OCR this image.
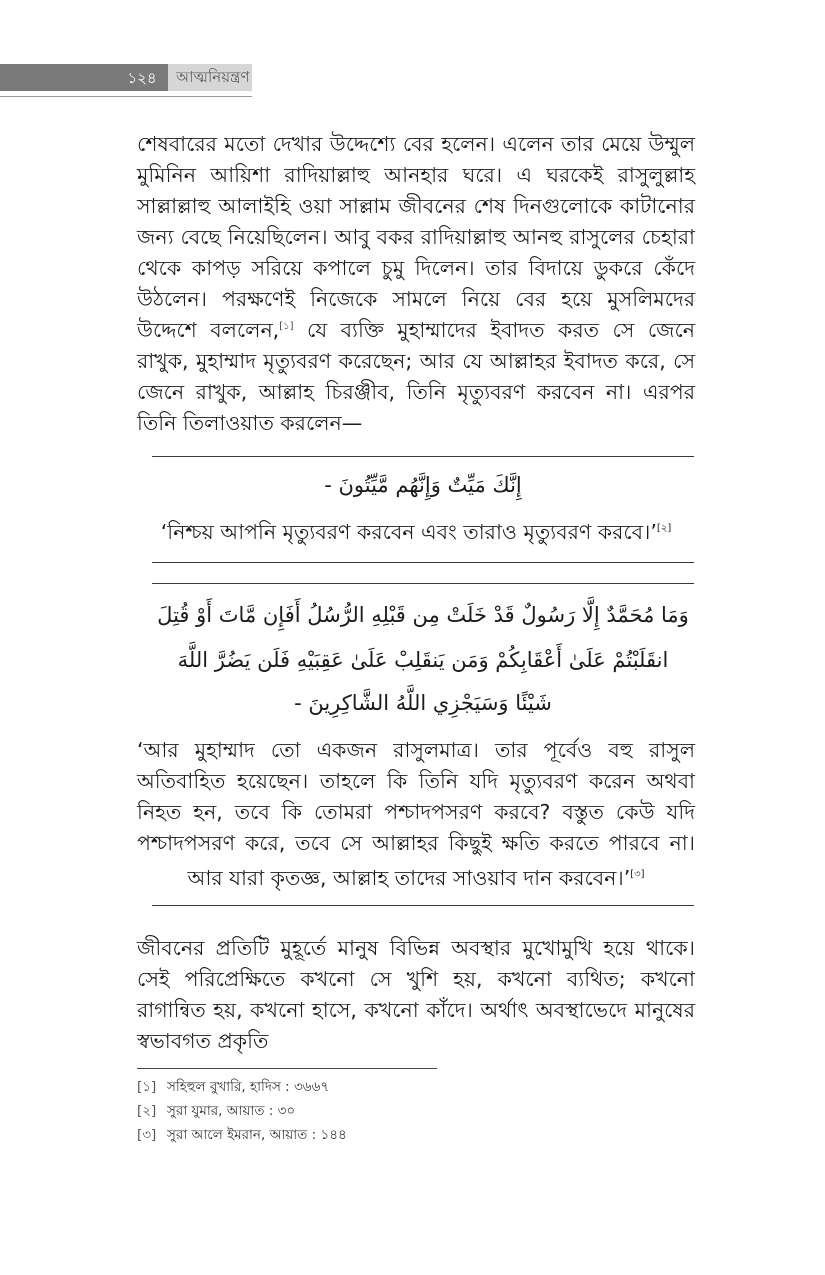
১২৪	আত্মনিয়ন্ত্রণ

শেষবারের মতো দেখার উদ্দেশ্যে বের হলেন। এলেন তার মেয়ে উম্মুল মুমিনিন আয়িশা রাদিয়াল্লাহু আনহার ঘরে। এ ঘরকেই রাসুলুল্লাহ সাল্লাল্লাহু আলাইহি ওয়া সাল্লাম জীবনের শেষ দিনগুলোকে কাটানোর জন্য বেছে নিয়েছিলেন। আবু বকর রাদিয়াল্লাহু আনহু রাসুলের চেহারা থেকে কাপড় সরিয়ে কপালে চুমু দিলেন। তার বিদায়ে ডুকরে কেঁদে উঠলেন। পরক্ষণেই নিজেকে সামলে নিয়ে বের হয়ে মুসলিমদের উদ্দেশে বললেন,[১] যে ব্যক্তি মুহাম্মাদের ইবাদত করত সে জেনে রাখুক, মুহাম্মাদ মৃত্যুবরণ করেছেন; আর যে আল্লাহর ইবাদত করে, সে জেনে রাখুক, আল্লাহ চিরঞ্জীব, তিনি মৃত্যুবরণ করবেন না। এরপর তিনি তিলাওয়াত করলেন—

إِنَّكَ مَيِّتٌ وَإِنَّهُم مَّيِّتُونَ -

‘নিশ্চয় আপনি মৃত্যুবরণ করবেন এবং তারাও মৃত্যুবরণ করবে।’[২]

وَمَا مُحَمَّدٌ إِلَّا رَسُولٌ قَدْ خَلَتْ مِن قَبْلِهِ الرُّسُلُ أَفَإِن مَّاتَ أَوْ قُتِلَ

انقَلَبْتُمْ عَلَىٰ أَعْقَابِكُمْ وَمَن يَنقَلِبْ عَلَىٰ عَقِبَيْهِ فَلَن يَضُرَّ اللَّهَ

شَيْئًا وَسَيَجْزِي اللَّهُ الشَّاكِرِينَ -

‘আর মুহাম্মাদ তো একজন রাসুলমাত্র। তার পূর্বেও বহু রাসুল অতিবাহিত হয়েছেন। তাহলে কি তিনি যদি মৃত্যুবরণ করেন অথবা নিহত হন, তবে কি তোমরা পশ্চাদপসরণ করবে? বস্তুত কেউ যদি পশ্চাদপসরণ করে, তবে সে আল্লাহর কিছুই ক্ষতি করতে পারবে না। আর যারা কৃতজ্ঞ, আল্লাহ তাদের সাওয়াব দান করবেন।’[৩]

জীবনের প্রতিটি মুহূর্তে মানুষ বিভিন্ন অবস্থার মুখোমুখি হয়ে থাকে। সেই পরিপ্রেক্ষিতে কখনো সে খুশি হয়, কখনো ব্যথিত; কখনো রাগান্বিত হয়, কখনো হাসে, কখনো কাঁদে। অর্থাৎ অবস্থাভেদে মানুষের স্বভাবগত প্রকৃতি

[১] সহিহুল বুখারি, হাদিস : ৩৬৬৭
[২] সুরা যুমার, আয়াত : ৩০
[৩] সুরা আলে ইমরান, আয়াত : ১৪৪
